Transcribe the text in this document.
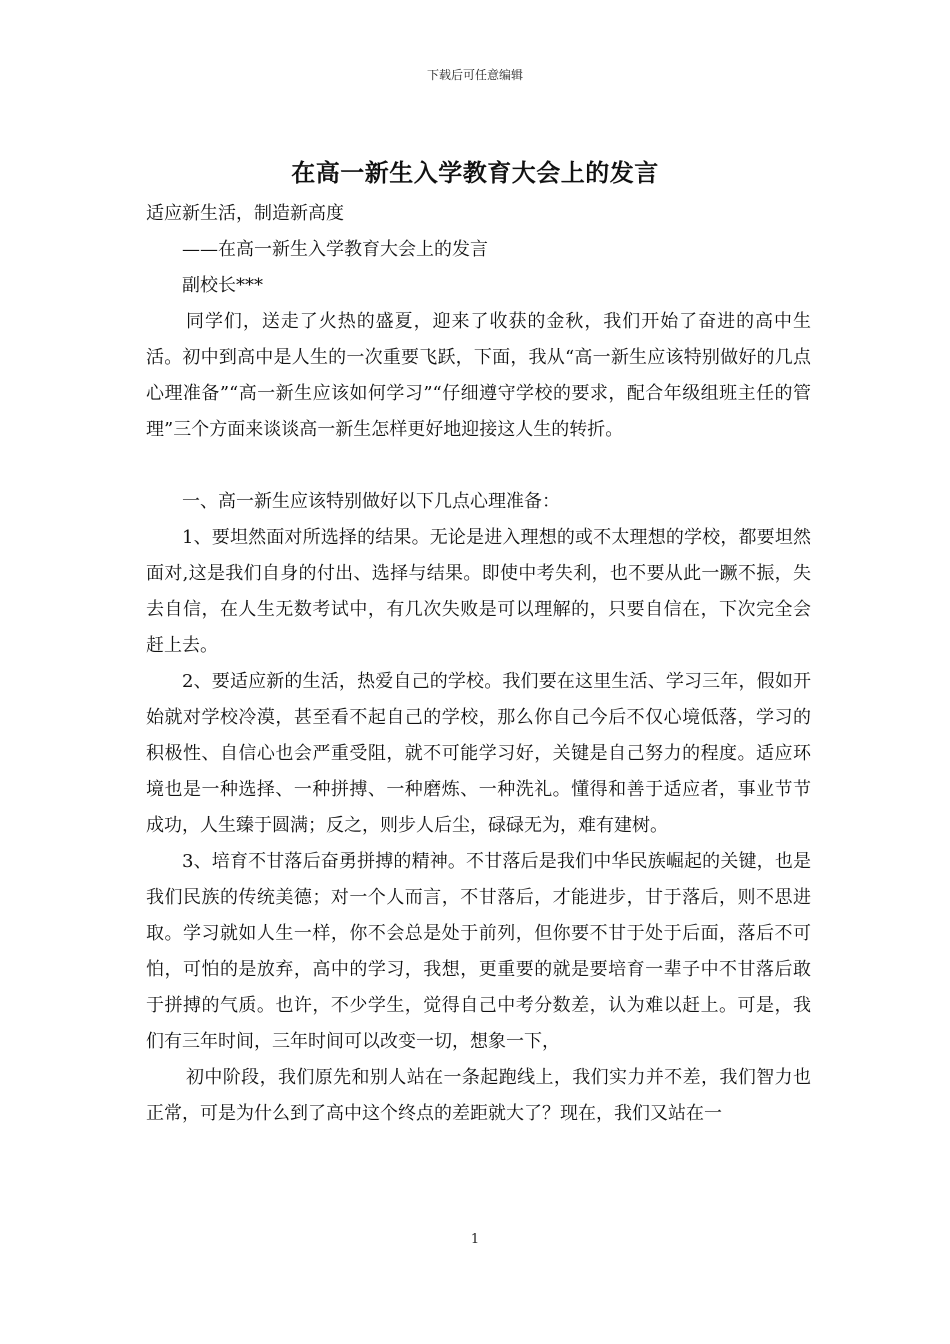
下载后可任意编辑
在高一新生入学教育大会上的发言

适应新生活，制造新高度

——在高一新生入学教育大会上的发言

副校长***

同学们，送走了火热的盛夏，迎来了收获的金秋，我们开始了奋进的高中生活。初中到高中是人生的一次重要飞跃，下面，我从“高一新生应该特别做好的几点心理准备”“高一新生应该如何学习”“仔细遵守学校的要求，配合年级组班主任的管理”三个方面来谈谈高一新生怎样更好地迎接这人生的转折。

一、高一新生应该特别做好以下几点心理准备：

1、要坦然面对所选择的结果。无论是进入理想的或不太理想的学校，都要坦然面对,这是我们自身的付出、选择与结果。即使中考失利，也不要从此一蹶不振，失去自信，在人生无数考试中，有几次失败是可以理解的，只要自信在，下次完全会赶上去。

2、要适应新的生活，热爱自己的学校。我们要在这里生活、学习三年，假如开始就对学校冷漠，甚至看不起自己的学校，那么你自己今后不仅心境低落，学习的积极性、自信心也会严重受阻，就不可能学习好，关键是自己努力的程度。适应环境也是一种选择、一种拼搏、一种磨炼、一种洗礼。懂得和善于适应者，事业节节成功，人生臻于圆满；反之，则步人后尘，碌碌无为，难有建树。

3、培育不甘落后奋勇拼搏的精神。不甘落后是我们中华民族崛起的关键，也是我们民族的传统美德；对一个人而言，不甘落后，才能进步，甘于落后，则不思进取。学习就如人生一样，你不会总是处于前列，但你要不甘于处于后面，落后不可怕，可怕的是放弃，高中的学习，我想，更重要的就是要培育一辈子中不甘落后敢于拼搏的气质。也许，不少学生，觉得自己中考分数差，认为难以赶上。可是，我们有三年时间，三年时间可以改变一切，想象一下，

初中阶段，我们原先和别人站在一条起跑线上，我们实力并不差，我们智力也正常，可是为什么到了高中这个终点的差距就大了？现在，我们又站在一

1
